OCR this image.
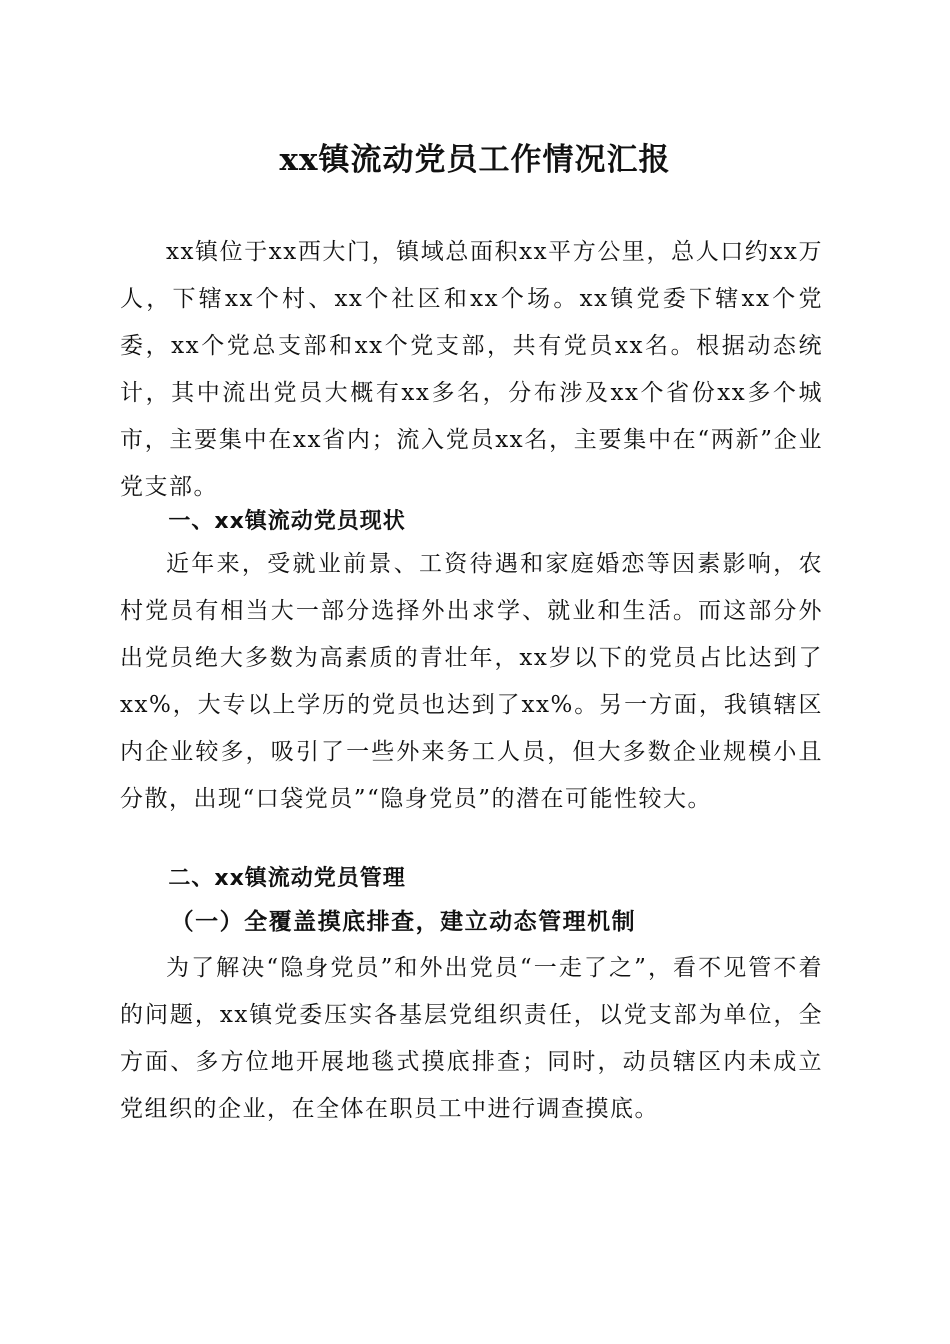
xx镇流动党员工作情况汇报

xx镇位于xx西大门，镇域总面积xx平方公里，总人口约xx万人，下辖xx个村、xx个社区和xx个场。xx镇党委下辖xx个党委，xx个党总支部和xx个党支部，共有党员xx名。根据动态统计，其中流出党员大概有xx多名，分布涉及xx个省份xx多个城市，主要集中在xx省内；流入党员xx名，主要集中在“两新”企业党支部。

一、xx镇流动党员现状

近年来，受就业前景、工资待遇和家庭婚恋等因素影响，农村党员有相当大一部分选择外出求学、就业和生活。而这部分外出党员绝大多数为高素质的青壮年，xx岁以下的党员占比达到了xx%，大专以上学历的党员也达到了xx%。另一方面，我镇辖区内企业较多，吸引了一些外来务工人员，但大多数企业规模小且分散，出现“口袋党员”“隐身党员”的潜在可能性较大。

二、xx镇流动党员管理
（一）全覆盖摸底排查，建立动态管理机制

为了解决“隐身党员”和外出党员“一走了之”，看不见管不着的问题，xx镇党委压实各基层党组织责任，以党支部为单位，全方面、多方位地开展地毯式摸底排查；同时，动员辖区内未成立党组织的企业，在全体在职员工中进行调查摸底。
